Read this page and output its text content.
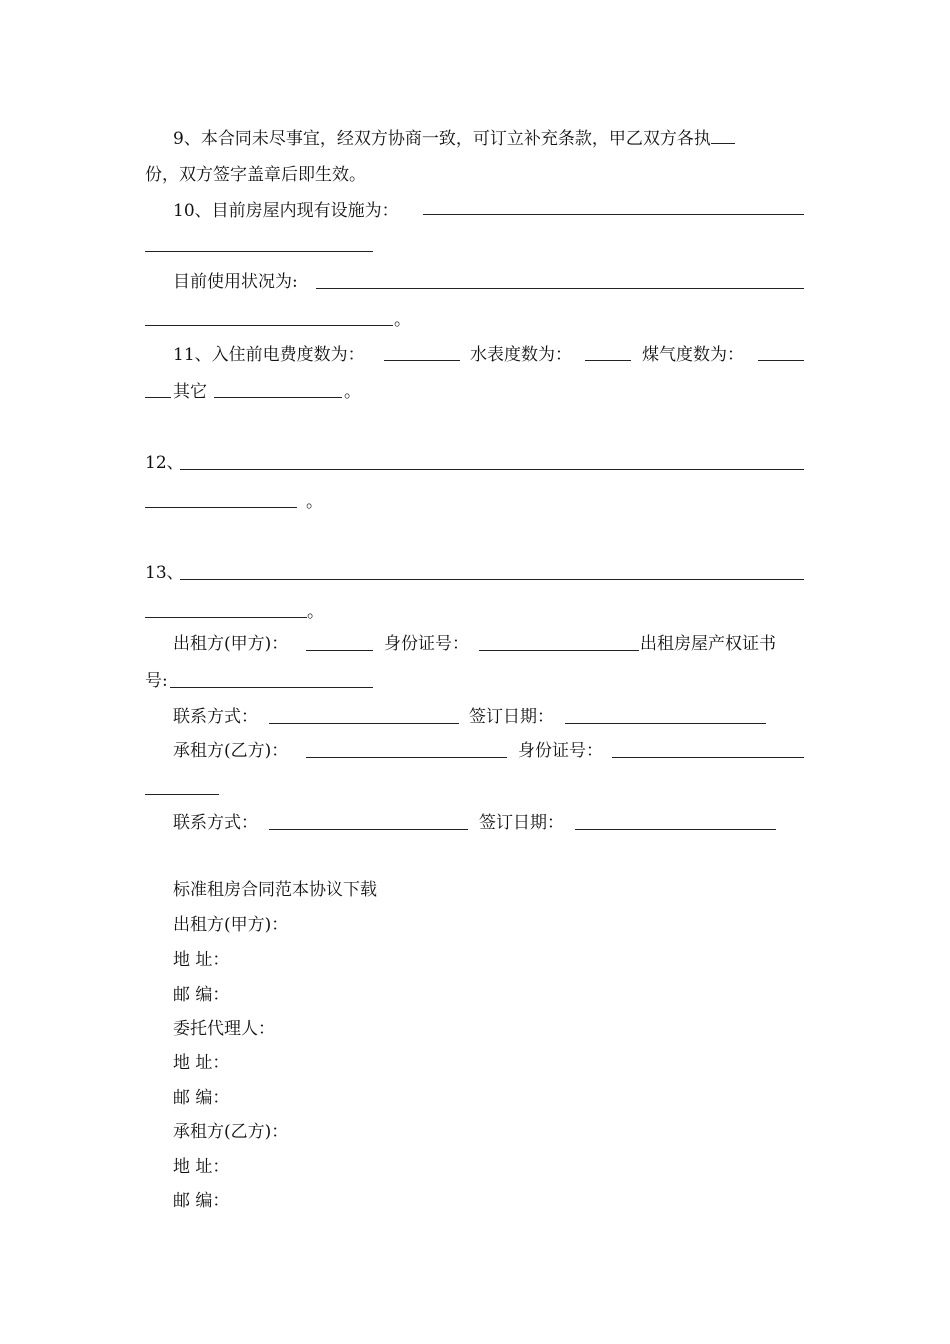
9、本合同未尽事宜，经双方协商一致，可订立补充条款，甲乙双方各执
份，双方签字盖章后即生效。
10、目前房屋内现有设施为：
目前使用状况为:
。
11、入住前电费度数为：	水表度数为：	煤气度数为：
其它	。
12、
。
13、
。
出租方(甲方)：	身份证号：	出租房屋产权证书
号:
联系方式：	签订日期：
承租方(乙方)：	身份证号：
联系方式：	签订日期：
标准租房合同范本协议下载
出租方(甲方)：
地 址：
邮 编：
委托代理人：
地 址：
邮 编：
承租方(乙方)：
地 址：
邮 编：
